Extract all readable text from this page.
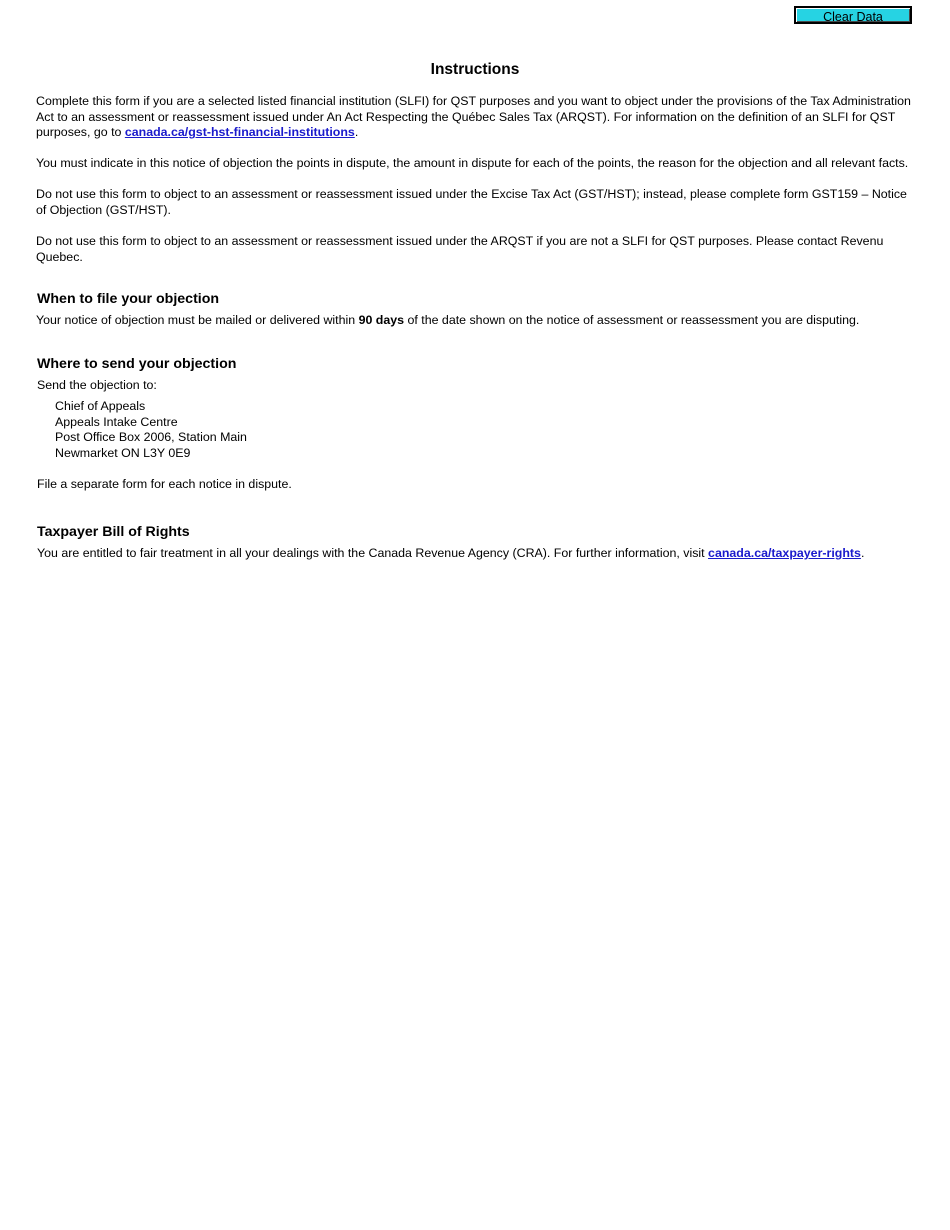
Clear Data
Instructions

Complete this form if you are a selected listed financial institution (SLFI) for QST purposes and you want to object under the provisions of the Tax Administration Act to an assessment or reassessment issued under An Act Respecting the Québec Sales Tax (ARQST). For information on the definition of an SLFI for QST purposes, go to canada.ca/gst-hst-financial-institutions.

You must indicate in this notice of objection the points in dispute, the amount in dispute for each of the points, the reason for the objection and all relevant facts.

Do not use this form to object to an assessment or reassessment issued under the Excise Tax Act (GST/HST); instead, please complete form GST159 – Notice of Objection (GST/HST).

Do not use this form to object to an assessment or reassessment issued under the ARQST if you are not a SLFI for QST purposes. Please contact Revenu Quebec.

When to file your objection

Your notice of objection must be mailed or delivered within 90 days of the date shown on the notice of assessment or reassessment you are disputing.

Where to send your objection

Send the objection to:

Chief of Appeals
Appeals Intake Centre
Post Office Box 2006, Station Main
Newmarket ON L3Y 0E9

File a separate form for each notice in dispute.

Taxpayer Bill of Rights

You are entitled to fair treatment in all your dealings with the Canada Revenue Agency (CRA). For further information, visit canada.ca/taxpayer-rights.
